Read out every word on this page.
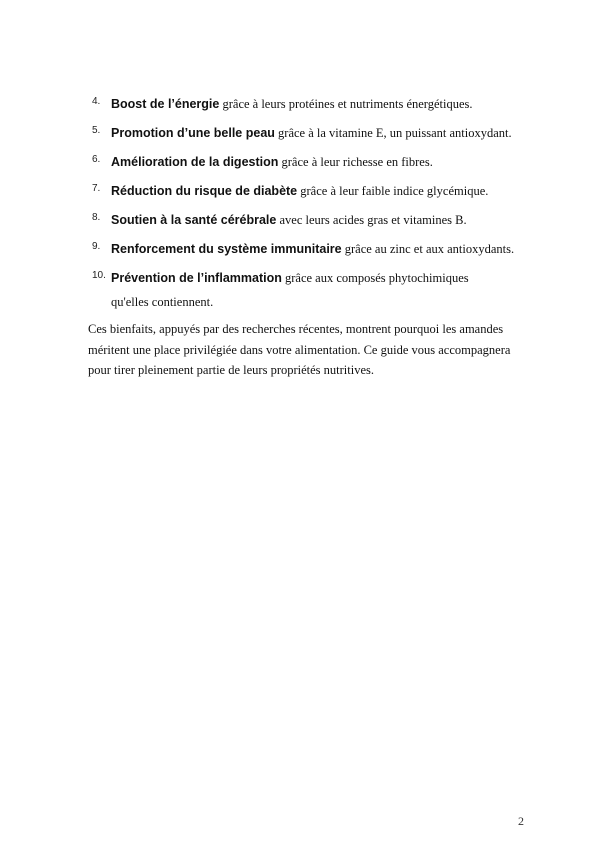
4. Boost de l’énergie grâce à leurs protéines et nutriments énergétiques.
5. Promotion d’une belle peau grâce à la vitamine E, un puissant antioxydant.
6. Amélioration de la digestion grâce à leur richesse en fibres.
7. Réduction du risque de diabète grâce à leur faible indice glycémique.
8. Soutien à la santé cérébrale avec leurs acides gras et vitamines B.
9. Renforcement du système immunitaire grâce au zinc et aux antioxydants.
10. Prévention de l’inflammation grâce aux composés phytochimiques qu'elles contiennent.

Ces bienfaits, appuyés par des recherches récentes, montrent pourquoi les amandes méritent une place privilégiée dans votre alimentation. Ce guide vous accompagnera pour tirer pleinement partie de leurs propriétés nutritives.

2
